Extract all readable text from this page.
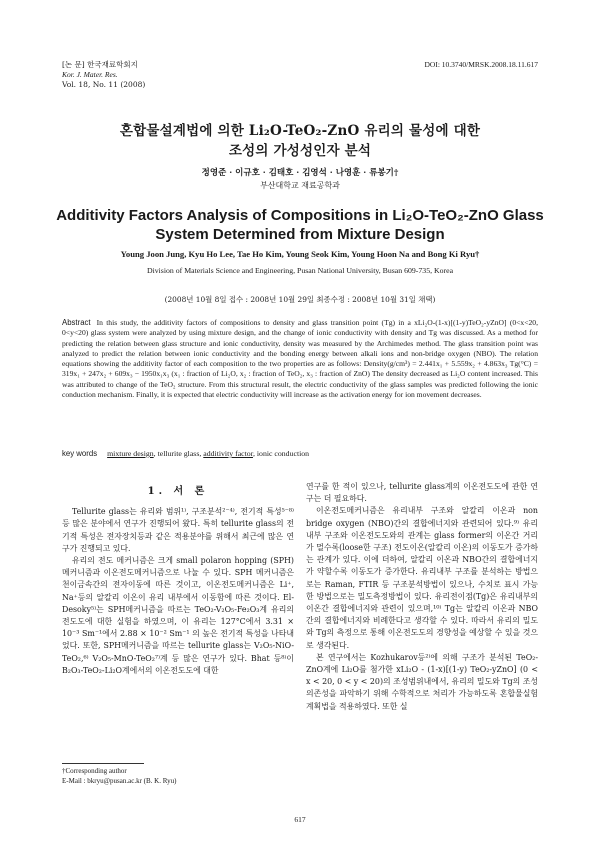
[논 문] 한국재료학회지
Kor. J. Mater. Res.
Vol. 18, No. 11 (2008)
DOI: 10.3740/MRSK.2008.18.11.617
혼합물설계법에 의한 Li₂O-TeO₂-ZnO 유리의 물성에 대한
조성의 가성성인자 분석
정영준 · 이규호 · 김태호 · 김영석 · 나영훈 · 류봉기†
부산대학교 재료공학과
Additivity Factors Analysis of Compositions in Li₂O-TeO₂-ZnO Glass
System Determined from Mixture Design
Young Joon Jung, Kyu Ho Lee, Tae Ho Kim, Young Seok Kim, Young Hoon Na and Bong Ki Ryu†
Division of Materials Science and Engineering, Pusan National University, Busan 609-735, Korea
(2008년 10월 8일 접수 : 2008년 10월 29일 최종수정 : 2008년 10월 31일 채택)
Abstract In this study, the additivity factors of compositions to density and glass transition point (Tg) in a xLi₂O-(1-x)[(1-y)TeO₂-yZnO] (0<x<20, 0<y<20) glass system were analyzed by using mixture design, and the change of ionic conductivity with density and Tg was discussed. As a method for predicting the relation between glass structure and ionic conductivity, density was measured by the Archimedes method. The glass transition point was analyzed to predict the relation between ionic conductivity and the bonding energy between alkali ions and non-bridge oxygen (NBO). The relation equations showing the additivity factor of each composition to the two properties are as follows: Density(g/cm³) = 2.441x₁ + 5.559x₂ + 4.863x₃ Tg(°C) = 319x₁ + 247x₂ + 609x₃ − 1950x₁x₃ (x₁ : fraction of Li₂O, x₂ : fraction of TeO₂, x₃ : fraction of ZnO) The density decreased as Li₂O content increased. This was attributed to change of the TeO₂ structure. From this structural result, the electric conductivity of the glass samples was predicted following the ionic conduction mechanism. Finally, it is expected that electric conductivity will increase as the activation energy for ion movement decreases.
key words mixture design, tellurite glass, additivity factor, ionic conduction
1. 서 론

Tellurite glass는 유리와 범위¹⁾, 구조분석²⁻⁴⁾, 전기적 특성⁵⁻⁸⁾ 등 많은 분야에서 연구가 진행되어 왔다. 특히 tellurite glass의 전기적 특성은 전자장치등과 같은 적용분야를 위해서 최근에 많은 연구가 진행되고 있다.

유리의 전도 메커니즘은 크게 small polaron hopping (SPH) 메커니즘과 이온전도메커니즘으로 나눌 수 있다. SPH 메커니즘은 천이금속간의 전자이동에 따른 것이고, 이온전도메커니즘은 Li⁺, Na⁺등의 알칼리 이온이 유리 내부에서 이동함에 따른 것이다. El-Desoky⁵⁾는 SPH메커니즘을 따르는 TeO₂-V₂O₅-Fe₂O₃계 유리의 전도도에 대한 실험을 하였으며, 이 유리는 127°C에서 3.31 × 10⁻³ Sm⁻¹에서 2.88 × 10⁻² Sm⁻¹ 의 높은 전기적 특성을 나타내었다. 또한, SPH메커니즘을 따르는 tellurite glass는 V₂O₅-NiO-TeO₂,⁶⁾ V₂O₅-MnO-TeO₂⁷⁾계 등 많은 연구가 있다. Bhat 등⁸⁾이 B₂O₃-TeO₂-Li₂O계에서의 이온전도도에 대한

연구를 한 적이 있으나, tellurite glass계의 이온전도도에 관한 연구는 더 필요하다.

이온전도메커니즘은 유리내부 구조와 알칼리 이온과 non bridge oxygen (NBO)간의 결합에너지와 관련되어 있다.⁹⁾ 유리내부 구조와 이온전도도와의 관계는 glass former의 이온간 거리가 멀수록(loose한 구조) 전도이온(알칼리 이온)의 이동도가 증가하는 관계가 있다. 이에 더하여, 알칼리 이온과 NBO간의 결합에너지가 약할수록 이동도가 증가한다. 유리내부 구조를 분석하는 방법으로는 Raman, FTIR 등 구조분석방법이 있으나, 수치로 표시 가능한 방법으로는 밀도측정방법이 있다. 유리전이점(Tg)은 유리내부의 이온간 결합에너지와 관련이 있으며,¹⁰⁾ Tg는 알칼리 이온과 NBO간의 결합에너지와 비례한다고 생각할 수 있다. 따라서 유리의 밀도와 Tg의 측정으로 통해 이온전도도의 경향성을 예상할 수 있을 것으로 생각된다.

본 연구에서는 Kozhukarov등²⁾에 의해 구조가 분석된 TeO₂-ZnO계에 Li₂O를 첨가한 xLi₂O - (1-x)[(1-y) TeO₂-yZnO] (0 < x < 20, 0 < y < 20)의 조성범위내에서, 유리의 밀도와 Tg의 조성 의존성을 파악하기 위해 수학적으로 처리가 가능하도록 혼합물실험계획법을 적용하였다. 또한 실

†Corresponding author
E-Mail : bkryu@pusan.ac.kr (B. K. Ryu)
617
